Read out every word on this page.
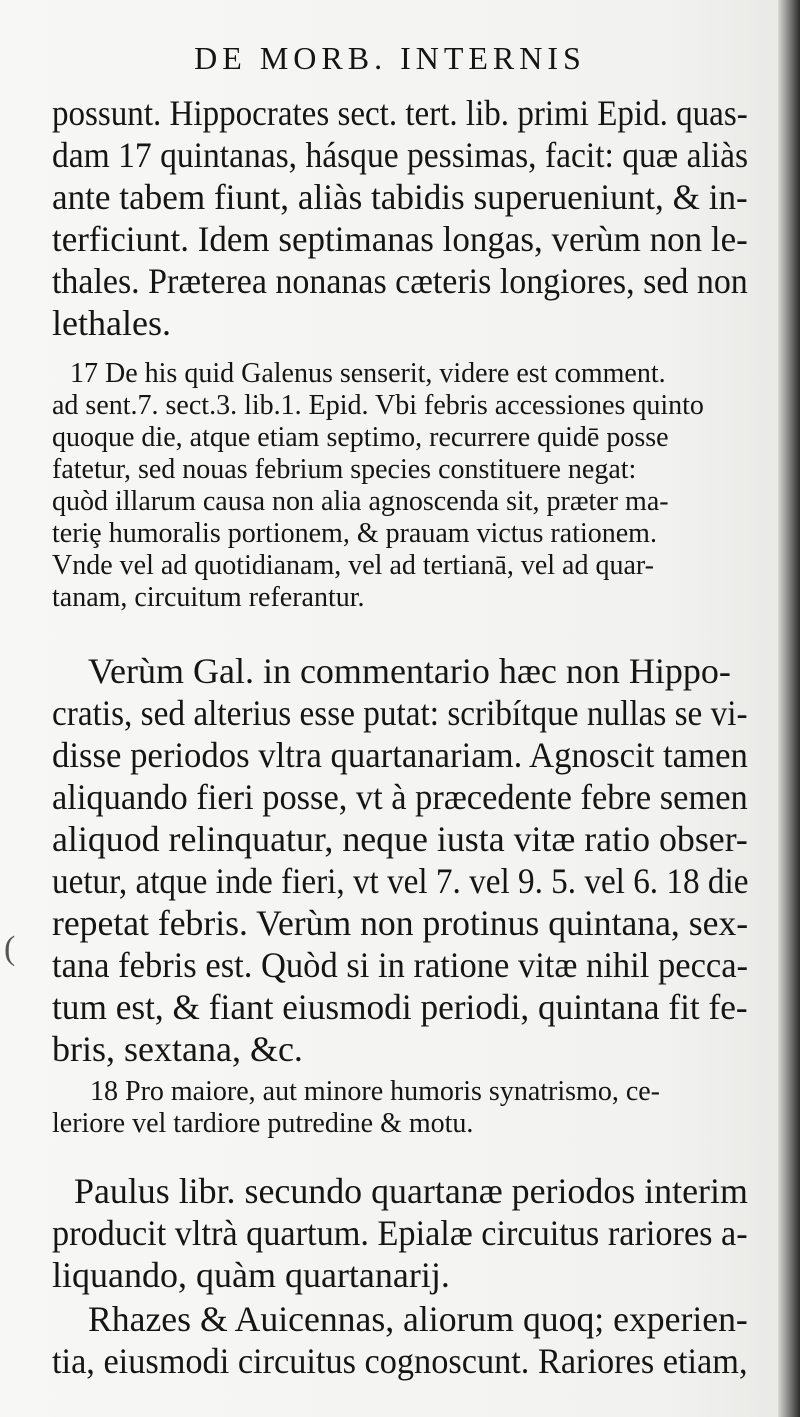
DE MORB. INTERNIS
(
possunt. Hippocrates sect. tert. lib. primi Epid. quas-
dam 17 quintanas, hásque pessimas, facit: quæ aliàs
ante tabem fiunt, aliàs tabidis superueniunt, & in-
terficiunt. Idem septimanas longas, verùm non le-
thales. Præterea nonanas cæteris longiores, sed non
lethales.
17 De his quid Galenus senserit, videre est comment.
ad sent.7. sect.3. lib.1. Epid. Vbi febris accessiones quinto
quoque die, atque etiam septimo, recurrere quidē posse
fatetur, sed nouas febrium species constituere negat:
quòd illarum causa non alia agnoscenda sit, præter ma-
teriȩ humoralis portionem, & prauam victus rationem.
Vnde vel ad quotidianam, vel ad tertianā, vel ad quar-
tanam, circuitum referantur.
Verùm Gal. in commentario hæc non Hippo-
cratis, sed alterius esse putat: scribítque nullas se vi-
disse periodos vltra quartanariam. Agnoscit tamen
aliquando fieri posse, vt à præcedente febre semen
aliquod relinquatur, neque iusta vitæ ratio obser-
uetur, atque inde fieri, vt vel 7. vel 9. 5. vel 6. 18 die
repetat febris. Verùm non protinus quintana, sex-
tana febris est. Quòd si in ratione vitæ nihil pecca-
tum est, & fiant eiusmodi periodi, quintana fit fe-
bris, sextana, &c.
18 Pro maiore, aut minore humoris synatrismo, ce-
leriore vel tardiore putredine & motu.
Paulus libr. secundo quartanæ periodos interim
producit vltrà quartum. Epialæ circuitus rariores a-
liquando, quàm quartanarij.
Rhazes & Auicennas, aliorum quoq; experien-
tia, eiusmodi circuitus cognoscunt. Rariores etiam,
